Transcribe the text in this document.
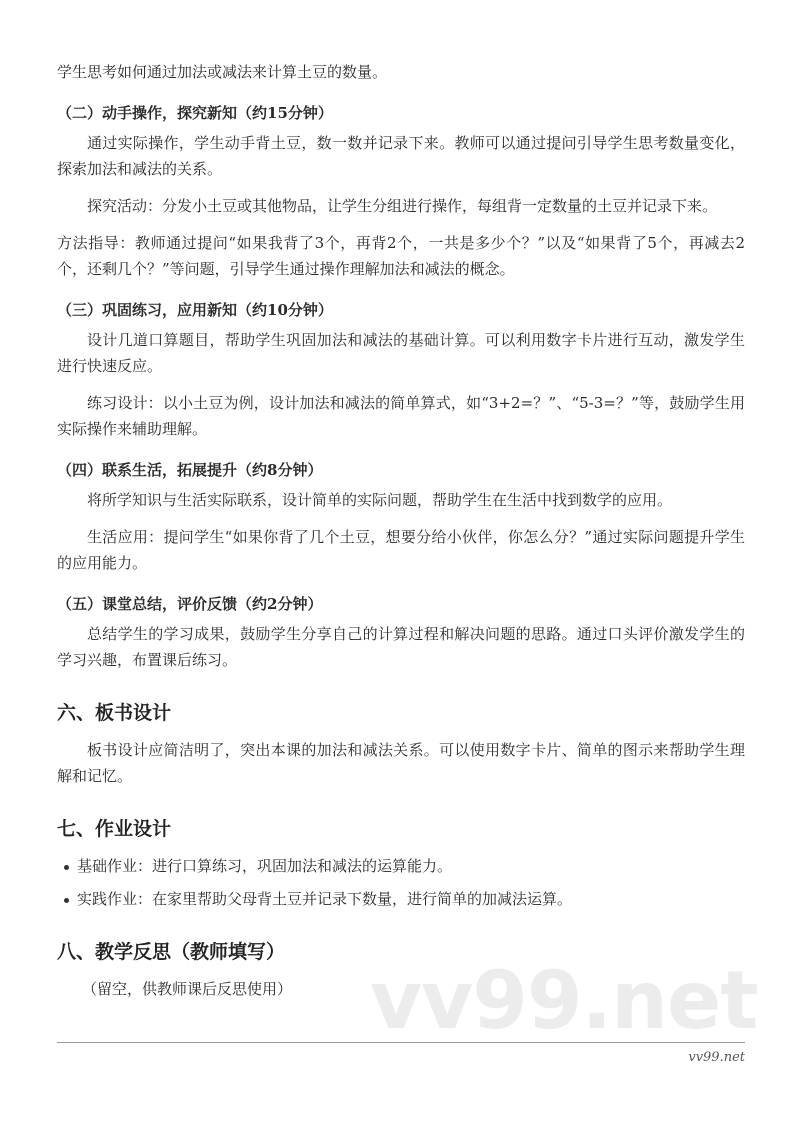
学生思考如何通过加法或减法来计算土豆的数量。
（二）动手操作，探究新知（约15分钟）
通过实际操作，学生动手背土豆，数一数并记录下来。教师可以通过提问引导学生思考数量变化，探索加法和减法的关系。
探究活动：分发小土豆或其他物品，让学生分组进行操作，每组背一定数量的土豆并记录下来。
方法指导：教师通过提问“如果我背了3个，再背2个，一共是多少个？”以及“如果背了5个，再减去2个，还剩几个？”等问题，引导学生通过操作理解加法和减法的概念。
（三）巩固练习，应用新知（约10分钟）
设计几道口算题目，帮助学生巩固加法和减法的基础计算。可以利用数字卡片进行互动，激发学生进行快速反应。
练习设计：以小土豆为例，设计加法和减法的简单算式，如“3+2=？”、“5-3=？”等，鼓励学生用实际操作来辅助理解。
（四）联系生活，拓展提升（约8分钟）
将所学知识与生活实际联系，设计简单的实际问题，帮助学生在生活中找到数学的应用。
生活应用：提问学生“如果你背了几个土豆，想要分给小伙伴，你怎么分？”通过实际问题提升学生的应用能力。
（五）课堂总结，评价反馈（约2分钟）
总结学生的学习成果，鼓励学生分享自己的计算过程和解决问题的思路。通过口头评价激发学生的学习兴趣，布置课后练习。
六、板书设计
板书设计应简洁明了，突出本课的加法和减法关系。可以使用数字卡片、简单的图示来帮助学生理解和记忆。
七、作业设计
基础作业：进行口算练习，巩固加法和减法的运算能力。
实践作业：在家里帮助父母背土豆并记录下数量，进行简单的加减法运算。
八、教学反思（教师填写）
（留空，供教师课后反思使用） vv99.net
vv99.net
